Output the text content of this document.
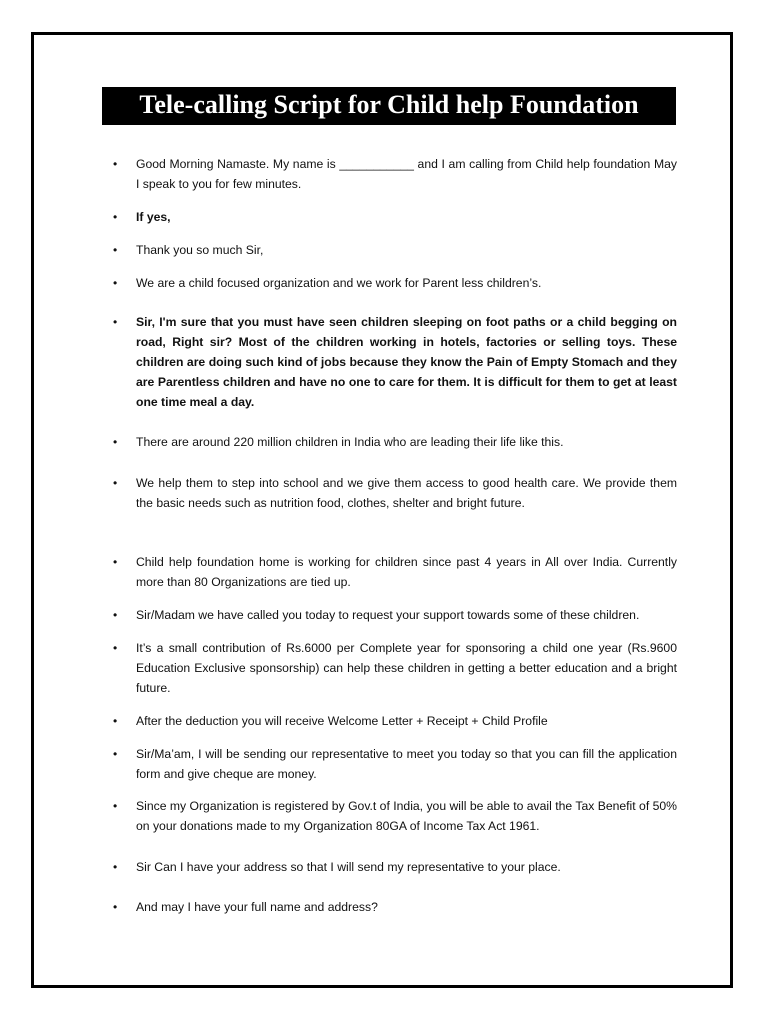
Tele-calling Script for Child help Foundation
•	Good Morning Namaste. My name is ___________ and I am calling from Child help foundation May I speak to you for few minutes.
•	If yes,
•	Thank you so much Sir,
•	We are a child focused organization and we work for Parent less children’s.
•	Sir, I'm sure that you must have seen children sleeping on foot paths or a child begging on road, Right sir? Most of the children working in hotels, factories or selling toys. These children are doing such kind of jobs because they know the Pain of Empty Stomach and they are Parentless children and have no one to care for them. It is difficult for them to get at least one time meal a day.
•	There are around 220 million children in India who are leading their life like this.
•	We help them to step into school and we give them access to good health care. We provide them the basic needs such as nutrition food, clothes, shelter and bright future.
•	Child help foundation home is working for children since past 4 years in All over India. Currently more than 80 Organizations are tied up.
•	Sir/Madam we have called you today to request your support towards some of these children.
•	It’s a small contribution of Rs.6000 per Complete year for sponsoring a child one year (Rs.9600 Education Exclusive sponsorship) can help these children in getting a better education and a bright future.
•	After the deduction you will receive Welcome Letter + Receipt + Child Profile
•	Sir/Ma’am, I will be sending our representative to meet you today so that you can fill the application form and give cheque are money.
•	Since my Organization is registered by Gov.t of India, you will be able to avail the Tax Benefit of 50% on your donations made to my Organization 80GA of Income Tax Act 1961.
•	Sir Can I have your address so that I will send my representative to your place.
•	And may I have your full name and address?
